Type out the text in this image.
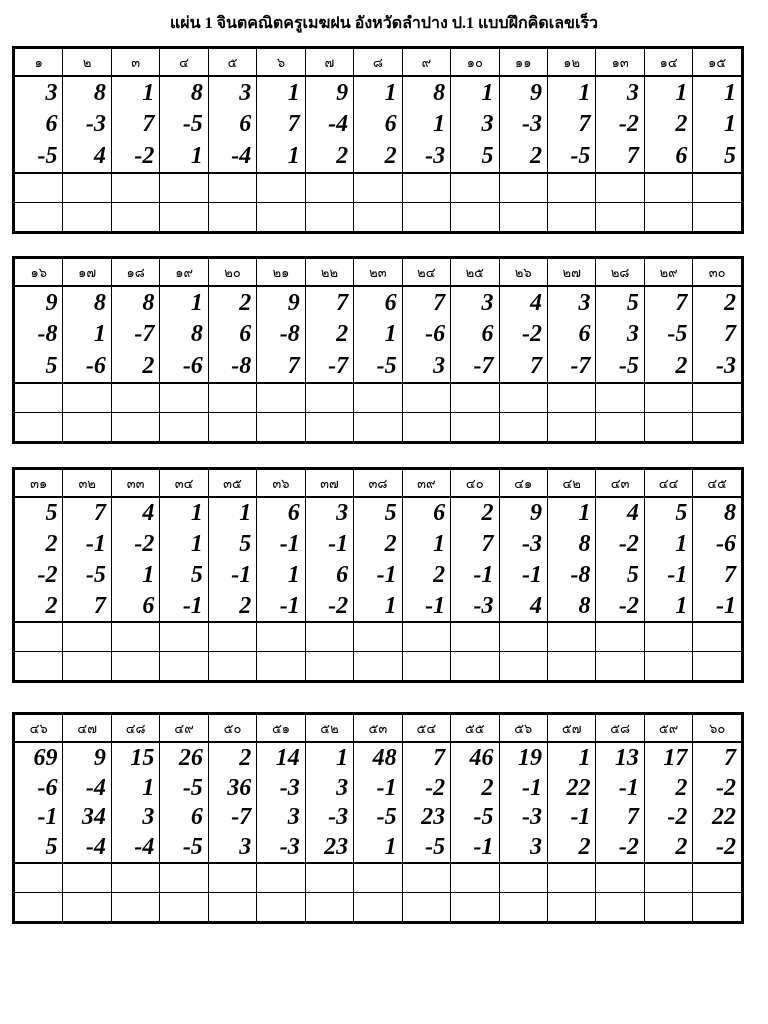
แผ่น 1 จินตคณิตครูเมฆฝน อังหวัดลำปาง ป.1 แบบฝึกคิดเลขเร็ว
๑	๒	๓	๔	๕	๖	๗	๘	๙	๑๐	๑๑	๑๒	๑๓	๑๔	๑๕
3	8	1	8	3	1	9	1	8	1	9	1	3	1	1
6	-3	7	-5	6	7	-4	6	1	3	-3	7	-2	2	1
-5	4	-2	1	-4	1	2	2	-3	5	2	-5	7	6	5

๑๖	๑๗	๑๘	๑๙	๒๐	๒๑	๒๒	๒๓	๒๔	๒๕	๒๖	๒๗	๒๘	๒๙	๓๐
9	8	8	1	2	9	7	6	7	3	4	3	5	7	2
-8	1	-7	8	6	-8	2	1	-6	6	-2	6	3	-5	7
5	-6	2	-6	-8	7	-7	-5	3	-7	7	-7	-5	2	-3

๓๑	๓๒	๓๓	๓๔	๓๕	๓๖	๓๗	๓๘	๓๙	๔๐	๔๑	๔๒	๔๓	๔๔	๔๕
5	7	4	1	1	6	3	5	6	2	9	1	4	5	8
2	-1	-2	1	5	-1	-1	2	1	7	-3	8	-2	1	-6
-2	-5	1	5	-1	1	6	-1	2	-1	-1	-8	5	-1	7
2	7	6	-1	2	-1	-2	1	-1	-3	4	8	-2	1	-1

๔๖	๔๗	๔๘	๔๙	๕๐	๕๑	๕๒	๕๓	๕๔	๕๕	๕๖	๕๗	๕๘	๕๙	๖๐
69	9	15	26	2	14	1	48	7	46	19	1	13	17	7
-6	-4	1	-5	36	-3	3	-1	-2	2	-1	22	-1	2	-2
-1	34	3	6	-7	3	-3	-5	23	-5	-3	-1	7	-2	22
5	-4	-4	-5	3	-3	23	1	-5	-1	3	2	-2	2	-2
